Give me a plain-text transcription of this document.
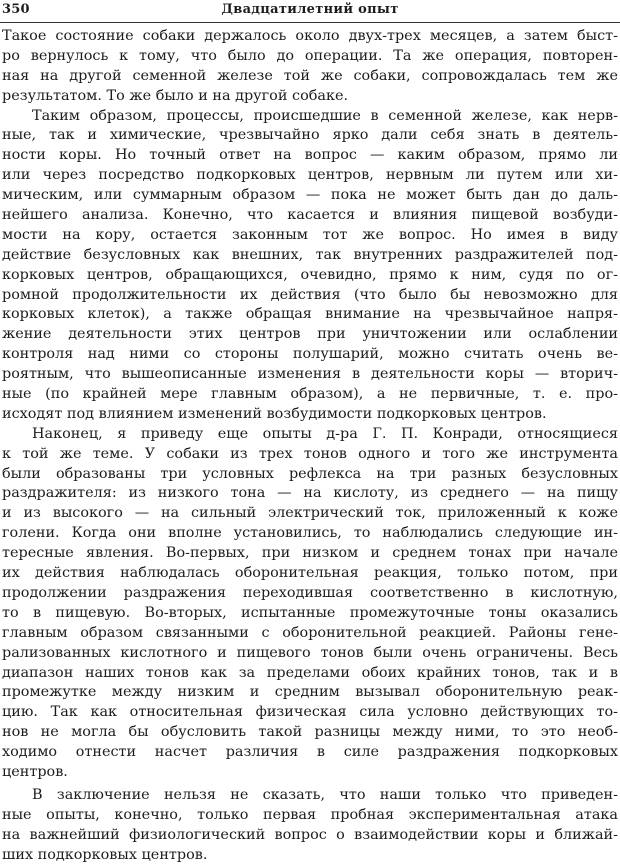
350	Двадцатилетний опыт
Такое состояние собаки держалось около двух-трех месяцев, а затем быст-
ро вернулось к тому, что было до операции. Та же операция, повторен-
ная на другой семенной железе той же собаки, сопровождалась тем же
результатом. То же было и на другой собаке.
Таким образом, процессы, происшедшие в семенной железе, как нерв-
ные, так и химические, чрезвычайно ярко дали себя знать в деятель-
ности коры. Но точный ответ на вопрос — каким образом, прямо ли
или через посредство подкорковых центров, нервным ли путем или хи-
мическим, или суммарным образом — пока не может быть дан до даль-
нейшего анализа. Конечно, что касается и влияния пищевой возбуди-
мости на кору, остается законным тот же вопрос. Но имея в виду
действие безусловных как внешних, так внутренних раздражителей под-
корковых центров, обращающихся, очевидно, прямо к ним, судя по ог-
ромной продолжительности их действия (что было бы невозможно для
корковых клеток), а также обращая внимание на чрезвычайное напря-
жение деятельности этих центров при уничтожении или ослаблении
контроля над ними со стороны полушарий, можно считать очень ве-
роятным, что вышеописанные изменения в деятельности коры — вторич-
ные (по крайней мере главным образом), а не первичные, т. е. про-
исходят под влиянием изменений возбудимости подкорковых центров.
Наконец, я приведу еще опыты д-ра Г. П. Конради, относящиеся
к той же теме. У собаки из трех тонов одного и того же инструмента
были образованы три условных рефлекса на три разных безусловных
раздражителя: из низкого тона — на кислоту, из среднего — на пищу
и из высокого — на сильный электрический ток, приложенный к коже
голени. Когда они вполне установились, то наблюдались следующие ин-
тересные явления. Во-первых, при низком и среднем тонах при начале
их действия наблюдалась оборонительная реакция, только потом, при
продолжении раздражения переходившая соответственно в кислотную,
то в пищевую. Во-вторых, испытанные промежуточные тоны оказались
главным образом связанными с оборонительной реакцией. Районы гене-
рализованных кислотного и пищевого тонов были очень ограничены. Весь
диапазон наших тонов как за пределами обоих крайних тонов, так и в
промежутке между низким и средним вызывал оборонительную реак-
цию. Так как относительная физическая сила условно действующих то-
нов не могла бы обусловить такой разницы между ними, то это необ-
ходимо отнести насчет различия в силе раздражения подкорковых
центров.
В заключение нельзя не сказать, что наши только что приведен-
ные опыты, конечно, только первая пробная экспериментальная атака
на важнейший физиологический вопрос о взаимодействии коры и ближай-
ших подкорковых центров.
